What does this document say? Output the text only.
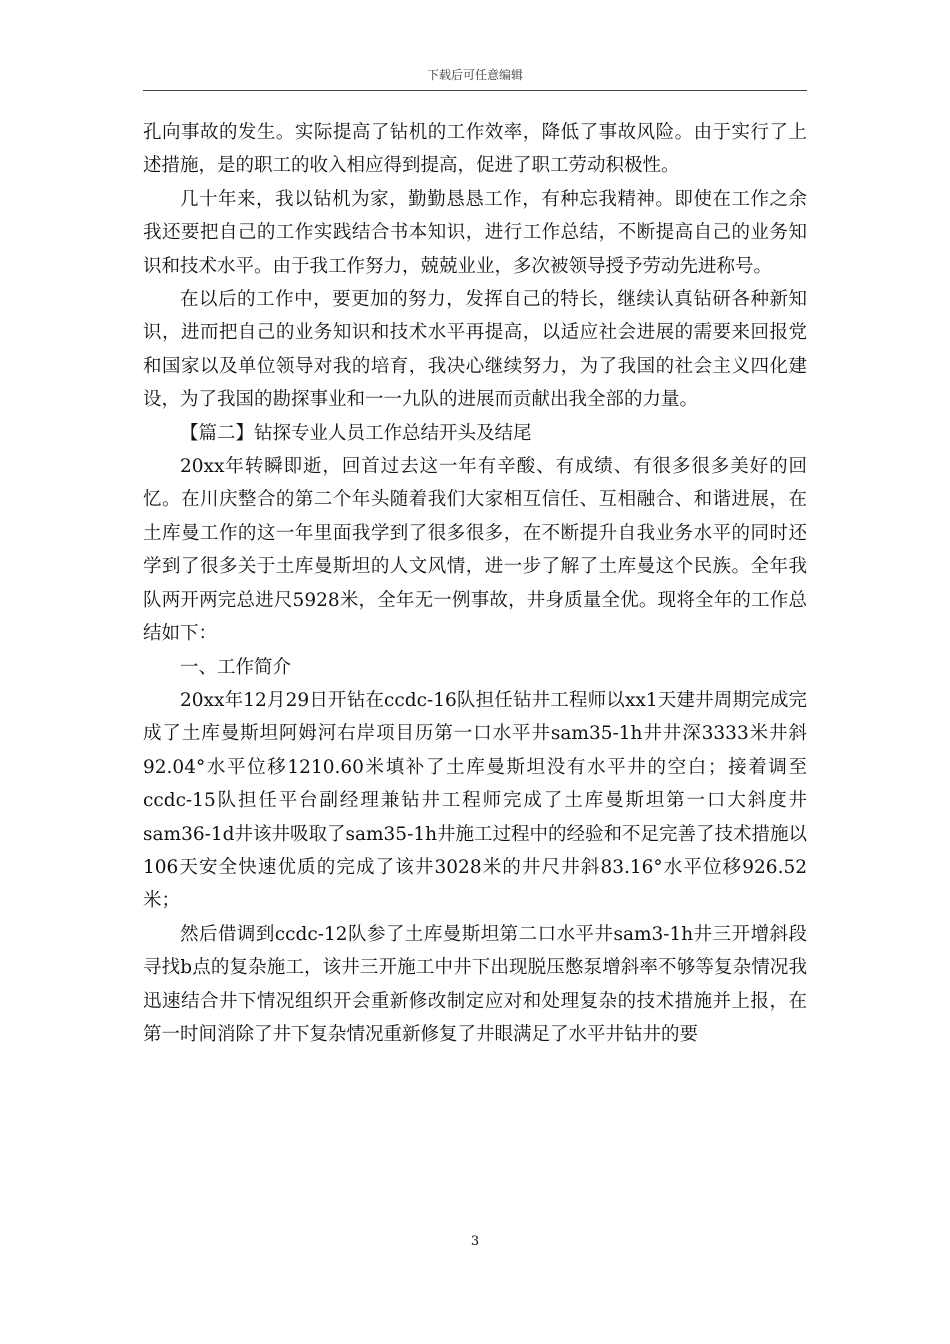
下载后可任意编辑

孔向事故的发生。实际提高了钻机的工作效率，降低了事故风险。由于实行了上述措施，是的职工的收入相应得到提高，促进了职工劳动积极性。

几十年来，我以钻机为家，勤勤恳恳工作，有种忘我精神。即使在工作之余我还要把自己的工作实践结合书本知识，进行工作总结，不断提高自己的业务知识和技术水平。由于我工作努力，兢兢业业，多次被领导授予劳动先进称号。

在以后的工作中，要更加的努力，发挥自己的特长，继续认真钻研各种新知识，进而把自己的业务知识和技术水平再提高，以适应社会进展的需要来回报党和国家以及单位领导对我的培育，我决心继续努力，为了我国的社会主义四化建设，为了我国的勘探事业和一一九队的进展而贡献出我全部的力量。

【篇二】钻探专业人员工作总结开头及结尾

20xx年转瞬即逝，回首过去这一年有辛酸、有成绩、有很多很多美好的回忆。在川庆整合的第二个年头随着我们大家相互信任、互相融合、和谐进展，在土库曼工作的这一年里面我学到了很多很多，在不断提升自我业务水平的同时还学到了很多关于土库曼斯坦的人文风情，进一步了解了土库曼这个民族。全年我队两开两完总进尺5928米，全年无一例事故，井身质量全优。现将全年的工作总结如下：

一、工作简介

20xx年12月29日开钻在ccdc-16队担任钻井工程师以xx1天建井周期完成完成了土库曼斯坦阿姆河右岸项目历第一口水平井sam35-1h井井深3333米井斜92.04°水平位移1210.60米填补了土库曼斯坦没有水平井的空白；接着调至ccdc-15队担任平台副经理兼钻井工程师完成了土库曼斯坦第一口大斜度井sam36-1d井该井吸取了sam35-1h井施工过程中的经验和不足完善了技术措施以106天安全快速优质的完成了该井3028米的井尺井斜83.16°水平位移926.52米；

然后借调到ccdc-12队参了土库曼斯坦第二口水平井sam3-1h井三开增斜段寻找b点的复杂施工，该井三开施工中井下出现脱压憋泵增斜率不够等复杂情况我迅速结合井下情况组织开会重新修改制定应对和处理复杂的技术措施并上报，在第一时间消除了井下复杂情况重新修复了井眼满足了水平井钻井的要

3
